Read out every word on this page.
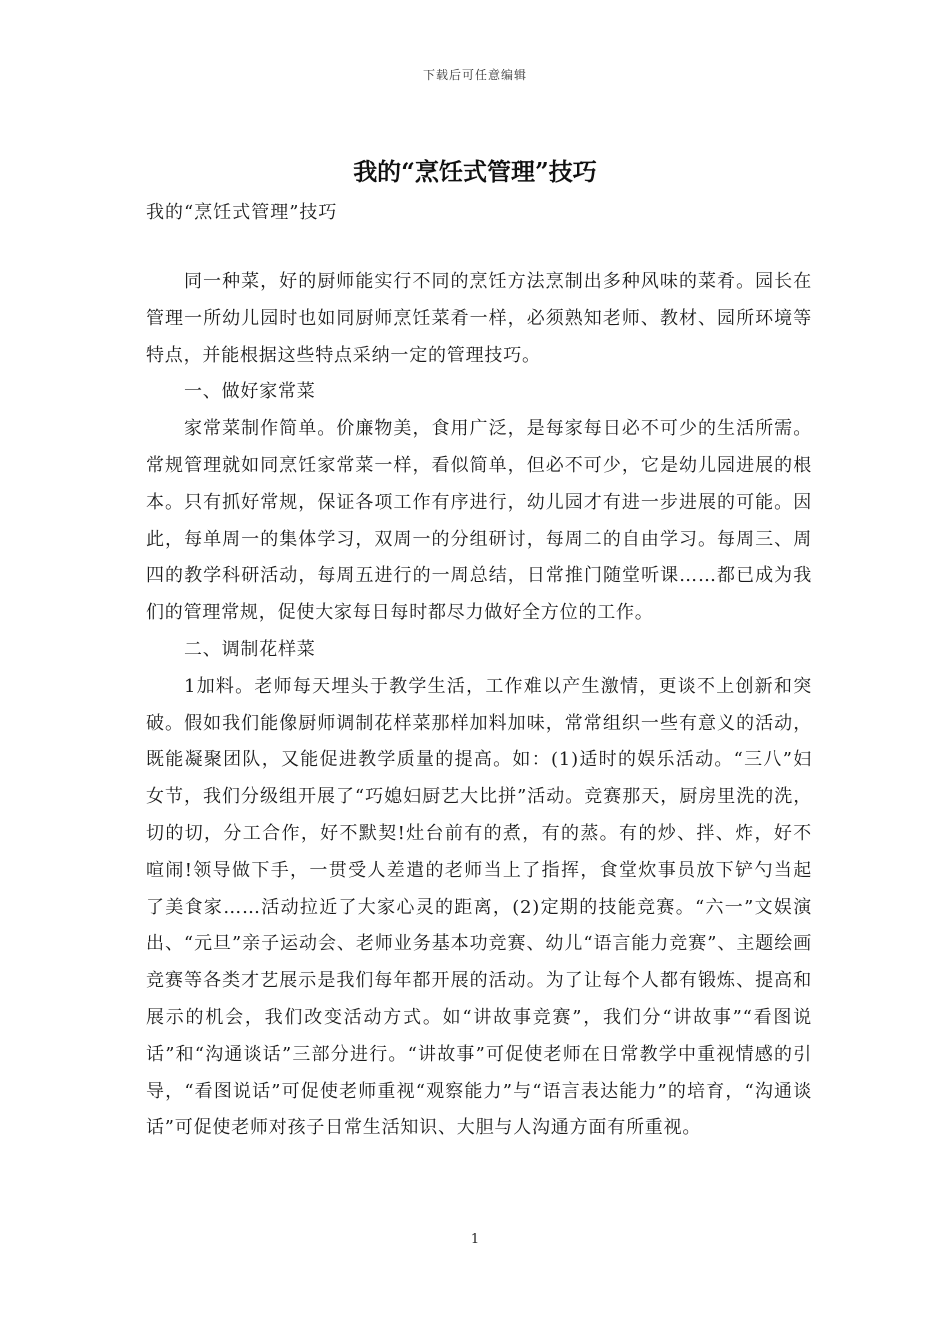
下载后可任意编辑
我的“烹饪式管理”技巧
我的“烹饪式管理”技巧

同一种菜，好的厨师能实行不同的烹饪方法烹制出多种风味的菜肴。园长在管理一所幼儿园时也如同厨师烹饪菜肴一样，必须熟知老师、教材、园所环境等特点，并能根据这些特点采纳一定的管理技巧。

一、做好家常菜

家常菜制作简单。价廉物美，食用广泛，是每家每日必不可少的生活所需。常规管理就如同烹饪家常菜一样，看似简单，但必不可少，它是幼儿园进展的根本。只有抓好常规，保证各项工作有序进行，幼儿园才有进一步进展的可能。因此，每单周一的集体学习，双周一的分组研讨，每周二的自由学习。每周三、周四的教学科研活动，每周五进行的一周总结，日常推门随堂听课……都已成为我们的管理常规，促使大家每日每时都尽力做好全方位的工作。

二、调制花样菜

1加料。老师每天埋头于教学生活，工作难以产生激情，更谈不上创新和突破。假如我们能像厨师调制花样菜那样加料加味，常常组织一些有意义的活动，既能凝聚团队，又能促进教学质量的提高。如：(1)适时的娱乐活动。“三八”妇女节，我们分级组开展了“巧媳妇厨艺大比拼”活动。竞赛那天，厨房里洗的洗，切的切，分工合作，好不默契!灶台前有的煮，有的蒸。有的炒、拌、炸，好不喧闹!领导做下手，一贯受人差遣的老师当上了指挥，食堂炊事员放下铲勺当起了美食家……活动拉近了大家心灵的距离，(2)定期的技能竞赛。“六一”文娱演出、“元旦”亲子运动会、老师业务基本功竞赛、幼儿“语言能力竞赛”、主题绘画竞赛等各类才艺展示是我们每年都开展的活动。为了让每个人都有锻炼、提高和展示的机会，我们改变活动方式。如“讲故事竞赛”，我们分“讲故事”“看图说话”和“沟通谈话”三部分进行。“讲故事”可促使老师在日常教学中重视情感的引导，“看图说话”可促使老师重视“观察能力”与“语言表达能力”的培育，“沟通谈话”可促使老师对孩子日常生活知识、大胆与人沟通方面有所重视。

1
